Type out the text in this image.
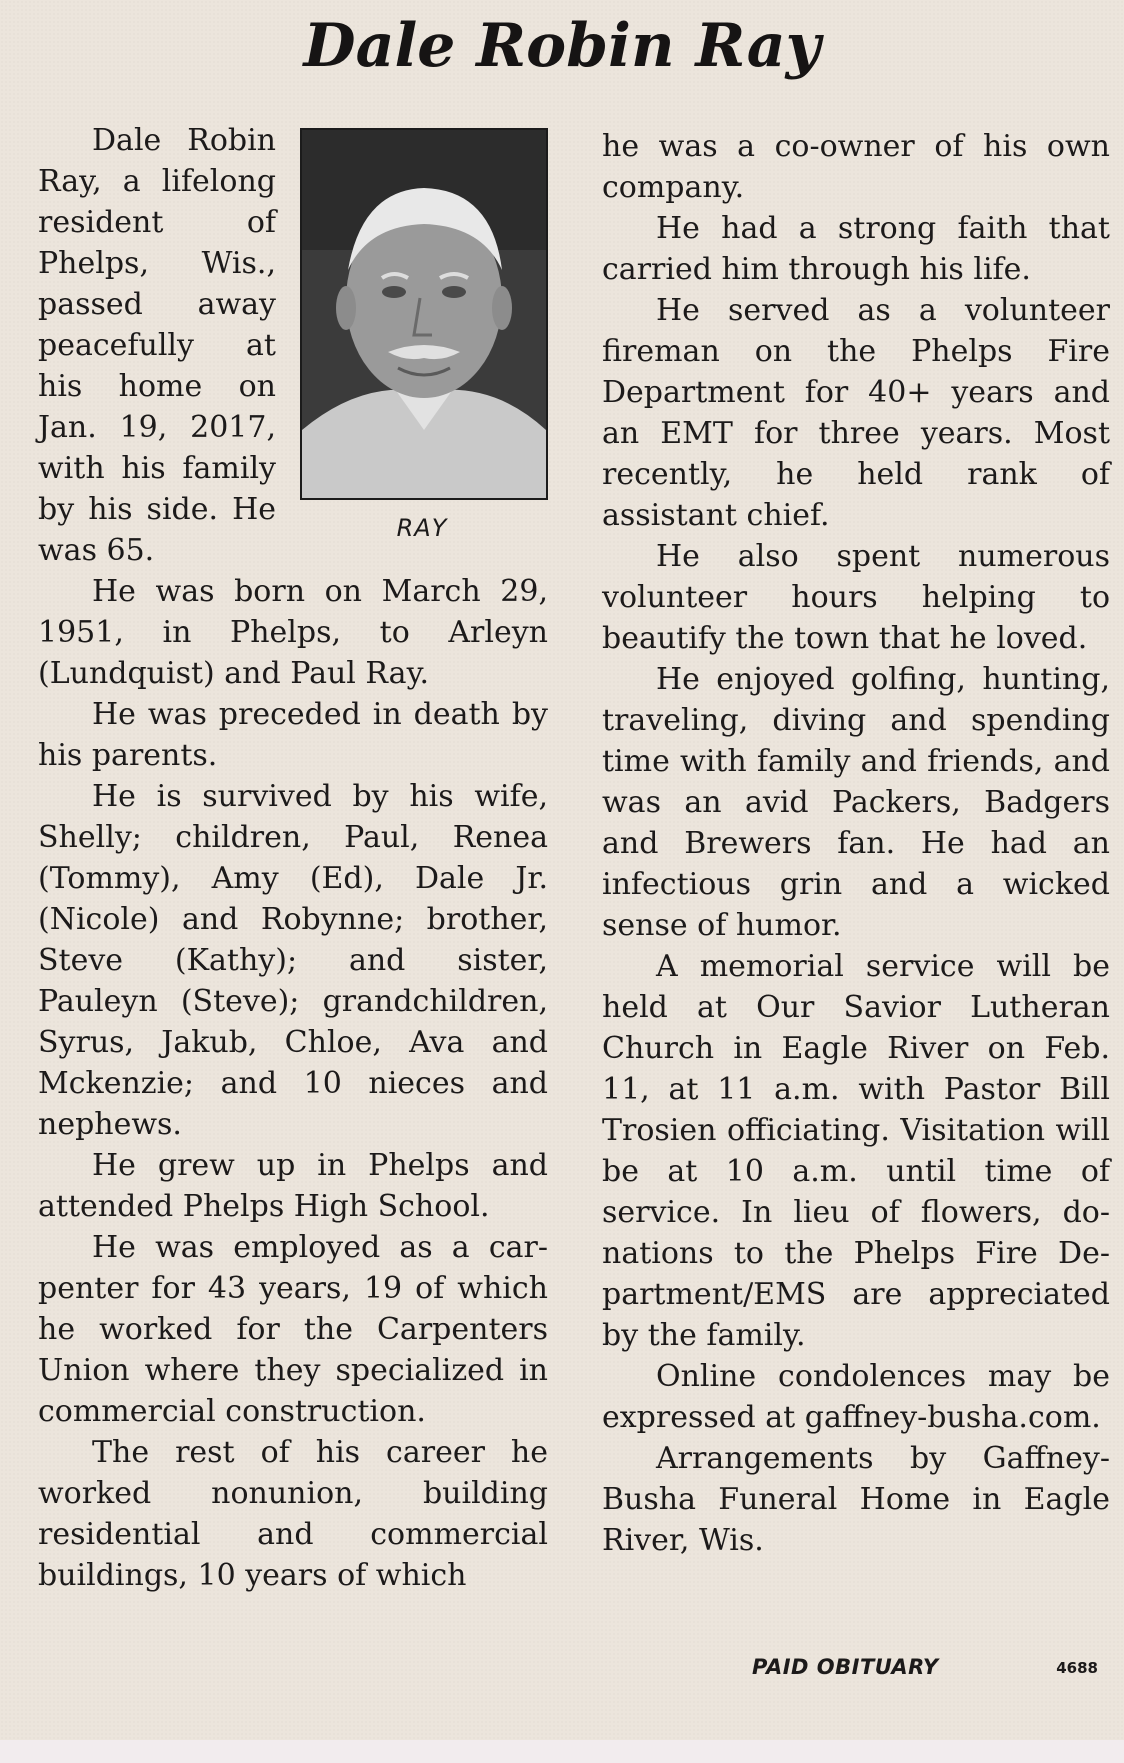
Dale Robin Ray
RAY

Dale Robin Ray, a lifelong resident of Phelps, Wis., passed away peacefully at his home on Jan. 19, 2017, with his family by his side. He was 65.

He was born on March 29, 1951, in Phelps, to Arleyn (Lundquist) and Paul Ray.

He was preceded in death by his parents.

He is survived by his wife, Shelly; children, Paul, Renea (Tommy), Amy (Ed), Dale Jr. (Nicole) and Robynne; brother, Steve (Kathy); and sister, Pauleyn (Steve); grandchildren, Syrus, Jakub, Chloe, Ava and Mckenzie; and 10 nieces and nephews.

He grew up in Phelps and attended Phelps High School.

He was employed as a carpenter for 43 years, 19 of which he worked for the Carpenters Union where they specialized in commercial construction.

The rest of his career he worked nonunion, building residential and commercial buildings, 10 years of which

he was a co-owner of his own company.

He had a strong faith that carried him through his life.

He served as a volunteer fireman on the Phelps Fire Department for 40+ years and an EMT for three years. Most recently, he held rank of assistant chief.

He also spent numerous volunteer hours helping to beautify the town that he loved.

He enjoyed golfing, hunting, traveling, diving and spending time with family and friends, and was an avid Packers, Badgers and Brewers fan. He had an infectious grin and a wicked sense of humor.

A memorial service will be held at Our Savior Lutheran Church in Eagle River on Feb. 11, at 11 a.m. with Pastor Bill Trosien officiating. Visitation will be at 10 a.m. until time of service. In lieu of flowers, donations to the Phelps Fire Department/EMS are appreciated by the family.

Online condolences may be expressed at gaffney-busha.com.

Arrangements by Gaffney-Busha Funeral Home in Eagle River, Wis.

PAID OBITUARY	4688
